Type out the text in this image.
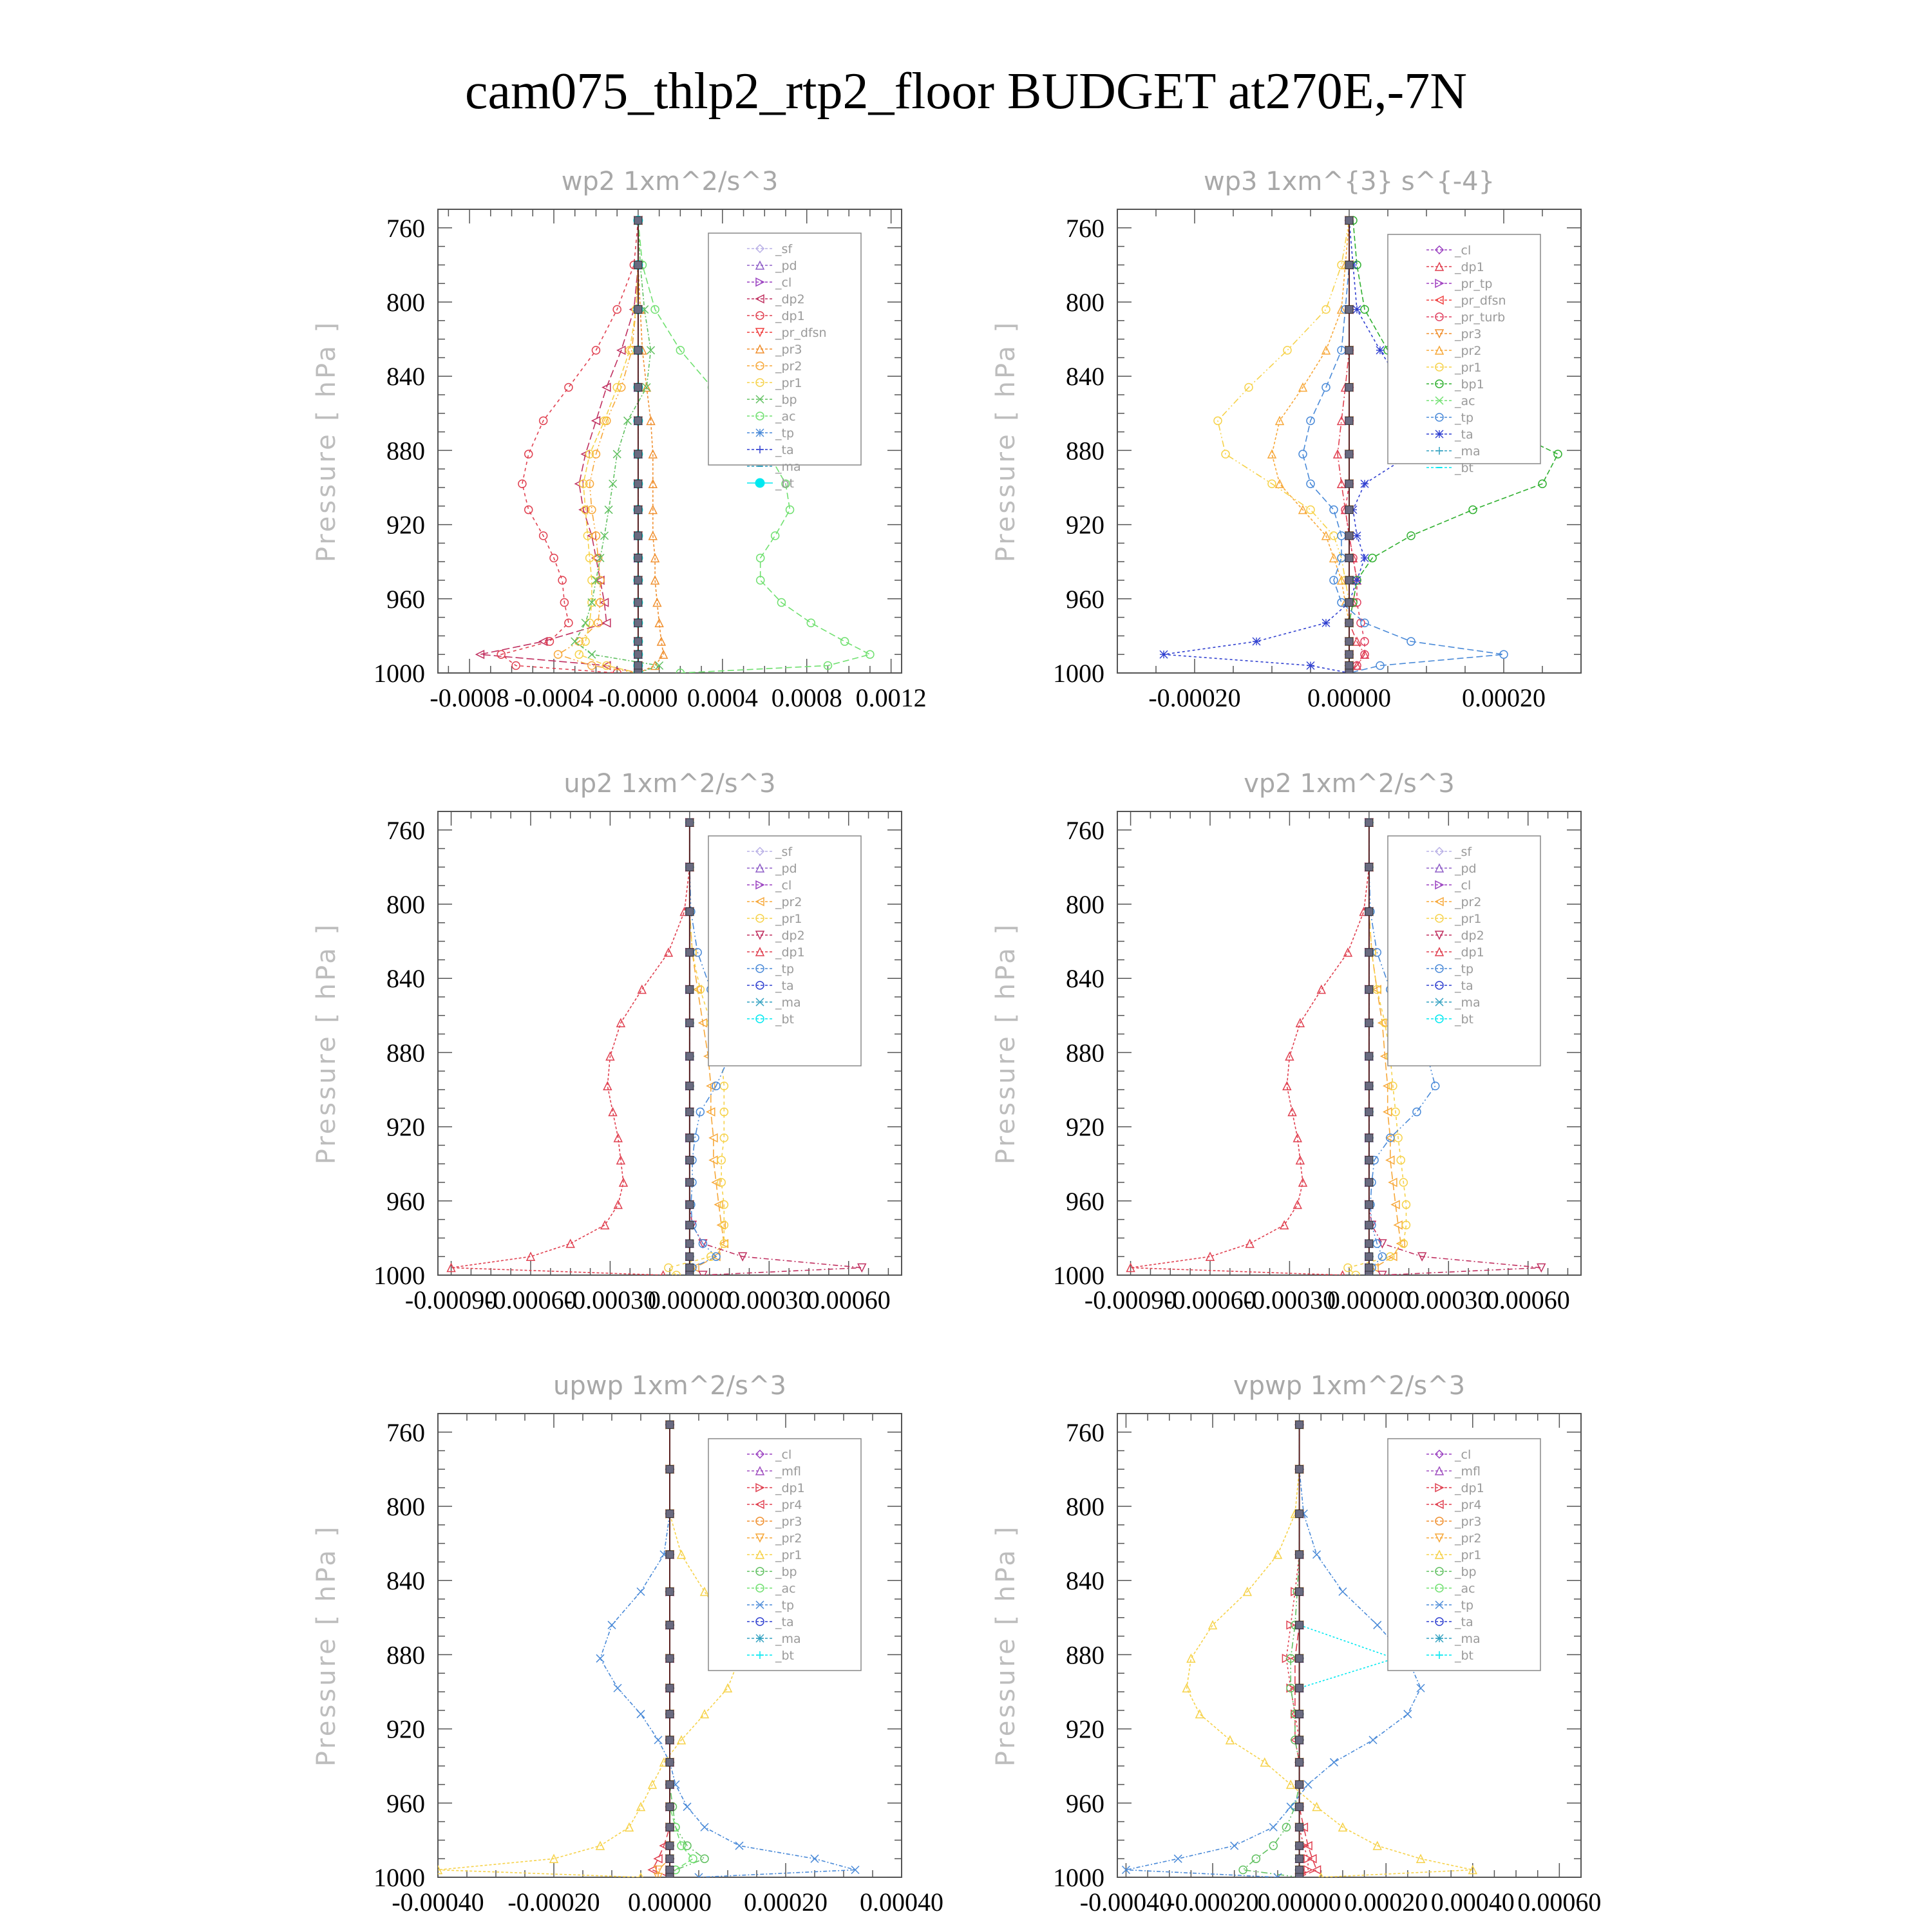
cam075_thlp2_rtp2_floor BUDGET at270E,-7N
wp2 1xm^2/s^3
Pressure [ hPa ]
760
800
840
880
920
960
1000
-0.0008 -0.0004 -0.0000 0.0004 0.0008 0.0012
_sf
_pd
_cl
_dp2
_dp1
_pr_dfsn
_pr3
_pr2
_pr1
_bp
_ac
_tp
_ta
_ma
_bt
wp3 1xm^{3} s^{-4}
Pressure [ hPa ]
760
800
840
880
920
960
1000
-0.00020	0.00000	0.00020
_cl
_dp1
_pr_tp
_pr_dfsn
_pr_turb
_pr3
_pr2
_pr1
_bp1
_ac
_tp
_ta
_ma
_bt
up2 1xm^2/s^3
Pressure [ hPa ]
760
800
840
880
920
960
1000
-0.00090
-0.00060
-0.00030
0.00000
0.00030
0.00060
_sf
_pd
_cl
_pr2
_pr1
_dp2
_dp1
_tp
_ta
_ma
_bt
vp2 1xm^2/s^3
Pressure [ hPa ]
760
800
840
880
920
960
1000
-0.00090
-0.00060
-0.00030
0.00000
0.00030
0.00060
_sf
_pd
_cl
_pr2
_pr1
_dp2
_dp1
_tp
_ta
_ma
_bt
upwp 1xm^2/s^3
Pressure [ hPa ]
760
800
840
880
920
960
1000
-0.00040 -0.00020 0.00000 0.00020 0.00040
_cl
_mfl
_dp1
_pr4
_pr3
_pr2
_pr1
_bp
_ac
_tp
_ta
_ma
_bt
vpwp 1xm^2/s^3
Pressure [ hPa ]
760
800
840
880
920
960
1000
-0.00040
-0.00020
0.00000 0.00020 0.00040 0.00060
_cl
_mfl
_dp1
_pr4
_pr3
_pr2
_pr1
_bp
_ac
_tp
_ta
_ma
_bt
